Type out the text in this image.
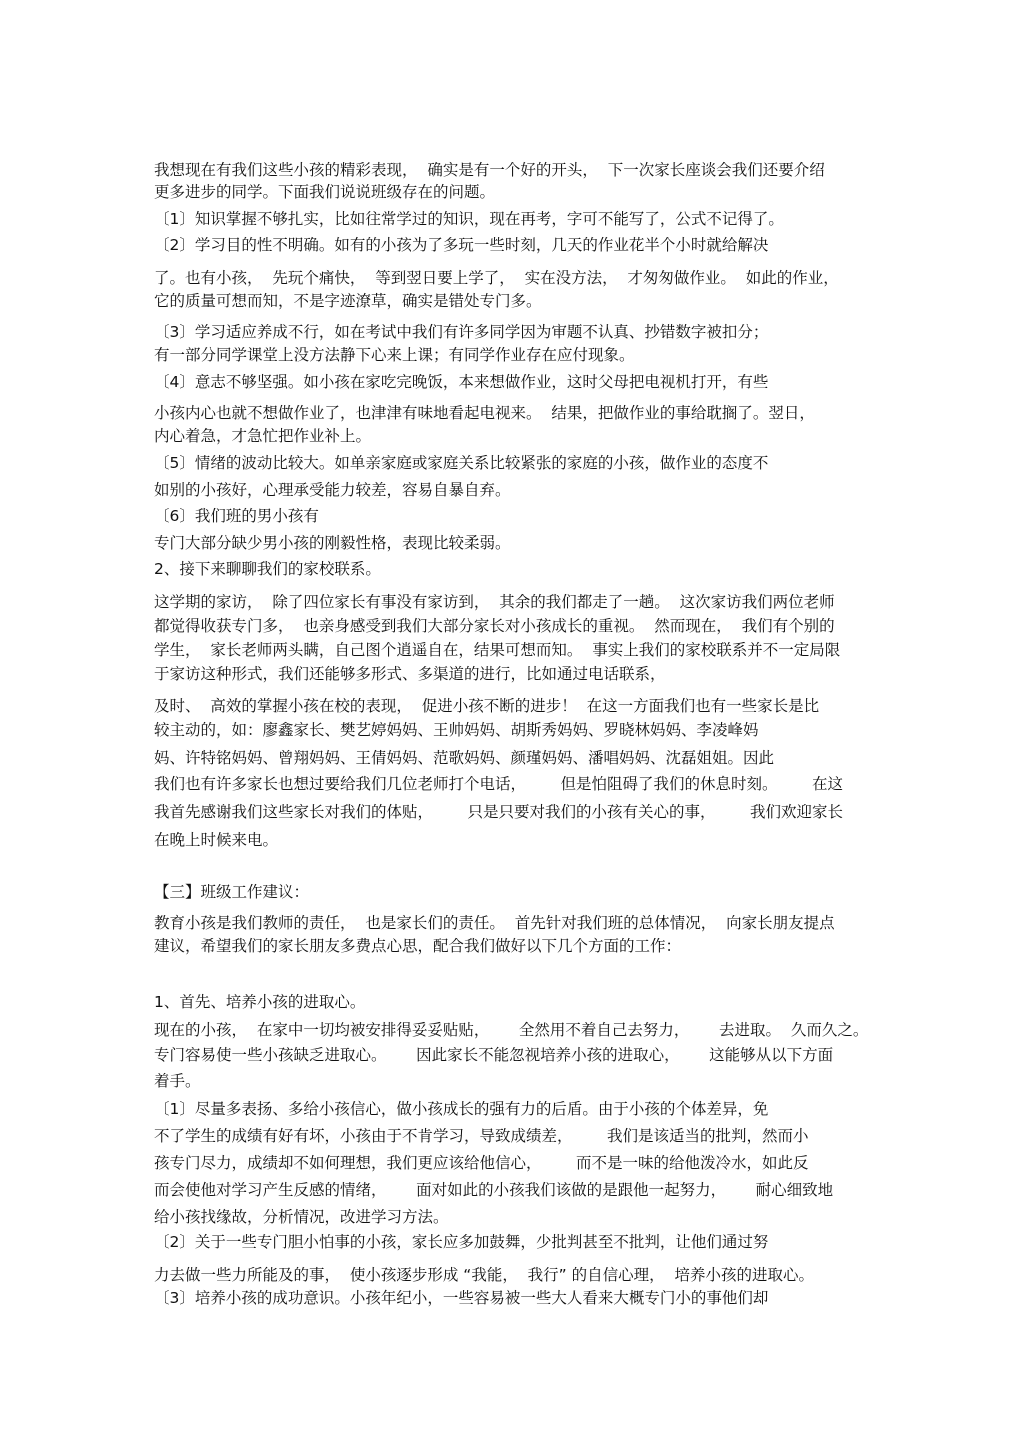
我想现在有我们这些小孩的精彩表现，  确实是有一个好的开头，  下一次家长座谈会我们还要介绍
更多进步的同学。下面我们说说班级存在的问题。
〔1〕知识掌握不够扎实，比如往常学过的知识，现在再考，字可不能写了，公式不记得了。
〔2〕学习目的性不明确。如有的小孩为了多玩一些时刻，几天的作业花半个小时就给解决
了。也有小孩，  先玩个痛快，  等到翌日要上学了，  实在没方法，  才匆匆做作业。  如此的作业，
它的质量可想而知，不是字迹潦草，确实是错处专门多。
〔3〕学习适应养成不行，如在考试中我们有许多同学因为审题不认真、抄错数字被扣分；
有一部分同学课堂上没方法静下心来上课；有同学作业存在应付现象。
〔4〕意志不够坚强。如小孩在家吃完晚饭，本来想做作业，这时父母把电视机打开，有些
小孩内心也就不想做作业了，也津津有味地看起电视来。  结果，把做作业的事给耽搁了。翌日，
内心着急，才急忙把作业补上。
〔5〕情绪的波动比较大。如单亲家庭或家庭关系比较紧张的家庭的小孩，做作业的态度不
如别的小孩好，心理承受能力较差，容易自暴自弃。
〔6〕我们班的男小孩有
专门大部分缺少男小孩的刚毅性格，表现比较柔弱。
2、接下来聊聊我们的家校联系。
这学期的家访，  除了四位家长有事没有家访到，  其余的我们都走了一趟。  这次家访我们两位老师
都觉得收获专门多，  也亲身感受到我们大部分家长对小孩成长的重视。  然而现在，  我们有个别的
学生，  家长老师两头瞒，自己图个逍遥自在，结果可想而知。  事实上我们的家校联系并不一定局限
于家访这种形式，我们还能够多形式、多渠道的进行，比如通过电话联系，
及时、  高效的掌握小孩在校的表现，  促进小孩不断的进步！  在这一方面我们也有一些家长是比
较主动的，如：廖鑫家长、樊艺婷妈妈、王帅妈妈、胡斯秀妈妈、罗晓林妈妈、李凌峰妈
妈、许特铭妈妈、曾翔妈妈、王倩妈妈、范歌妈妈、颜瑾妈妈、潘唱妈妈、沈磊姐姐。因此
我们也有许多家长也想过要给我们几位老师打个电话，       但是怕阻碍了我们的休息时刻。       在这
我首先感谢我们这些家长对我们的体贴，       只是只要对我们的小孩有关心的事，       我们欢迎家长
在晚上时候来电。
【三】班级工作建议：
教育小孩是我们教师的责任，  也是家长们的责任。  首先针对我们班的总体情况，  向家长朋友提点
建议，希望我们的家长朋友多费点心思，配合我们做好以下几个方面的工作：
1、首先、培养小孩的进取心。
现在的小孩，  在家中一切均被安排得妥妥贴贴，      全然用不着自己去努力，      去进取。  久而久之。
专门容易使一些小孩缺乏进取心。      因此家长不能忽视培养小孩的进取心，      这能够从以下方面
着手。
〔1〕尽量多表扬、多给小孩信心，做小孩成长的强有力的后盾。由于小孩的个体差异，免
不了学生的成绩有好有坏，小孩由于不肯学习，导致成绩差，       我们是该适当的批判，然而小
孩专门尽力，成绩却不如何理想，我们更应该给他信心，       而不是一味的给他泼冷水，如此反
而会使他对学习产生反感的情绪，      面对如此的小孩我们该做的是跟他一起努力，      耐心细致地
给小孩找缘故，分析情况，改进学习方法。
〔2〕关于一些专门胆小怕事的小孩，家长应多加鼓舞，少批判甚至不批判，让他们通过努
力去做一些力所能及的事，  使小孩逐步形成 “我能，  我行” 的自信心理，  培养小孩的进取心。
〔3〕培养小孩的成功意识。小孩年纪小，一些容易被一些大人看来大概专门小的事他们却
